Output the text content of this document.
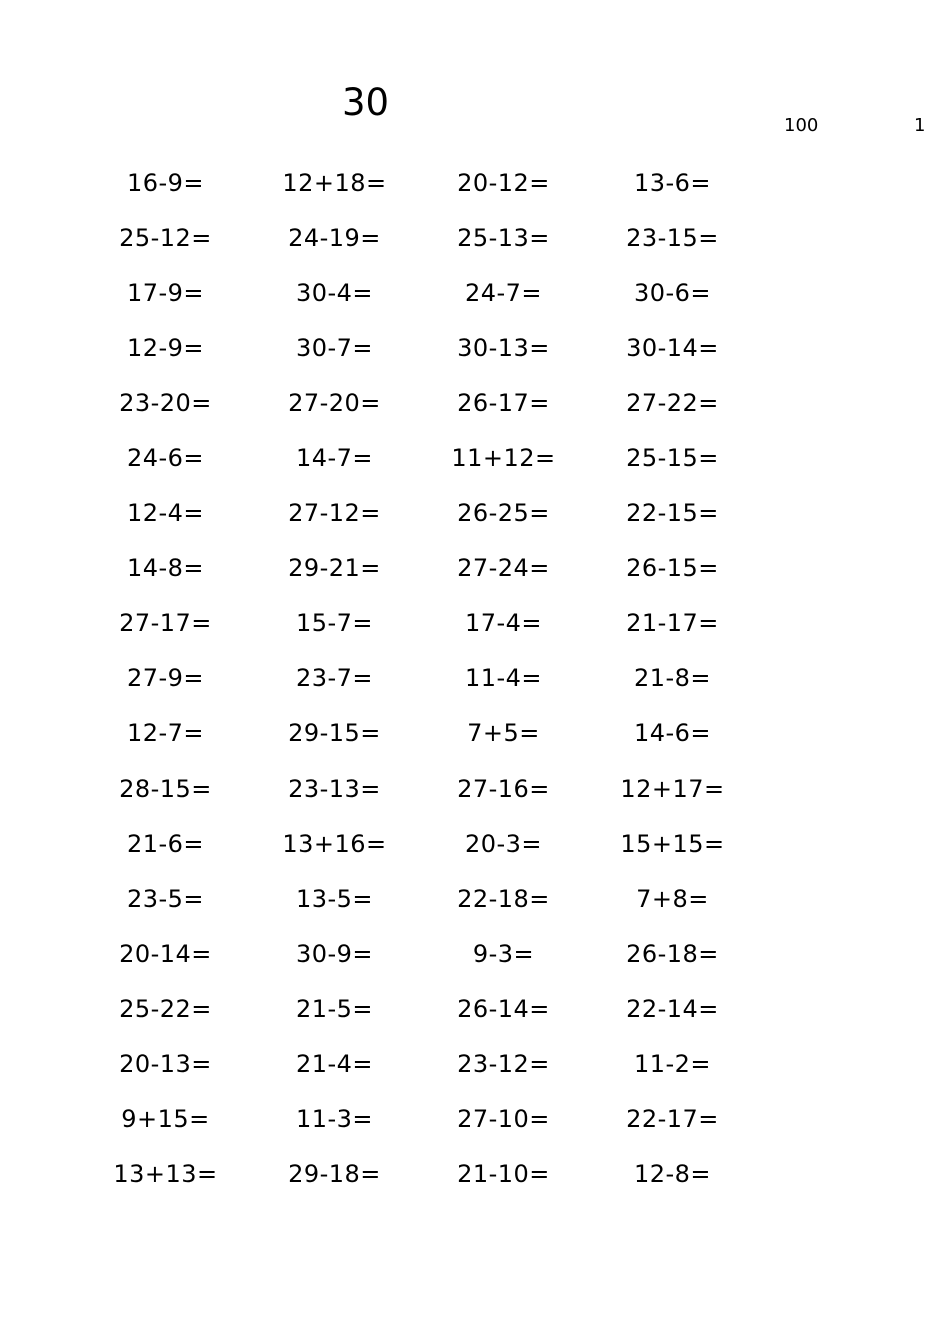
30
100	1
16-9=	12+18=	20-12=	13-6=
25-12=	24-19=	25-13=	23-15=
17-9=	30-4=	24-7=	30-6=
12-9=	30-7=	30-13=	30-14=
23-20=	27-20=	26-17=	27-22=
24-6=	14-7=	11+12=	25-15=
12-4=	27-12=	26-25=	22-15=
14-8=	29-21=	27-24=	26-15=
27-17=	15-7=	17-4=	21-17=
27-9=	23-7=	11-4=	21-8=
12-7=	29-15=	7+5=	14-6=
28-15=	23-13=	27-16=	12+17=
21-6=	13+16=	20-3=	15+15=
23-5=	13-5=	22-18=	7+8=
20-14=	30-9=	9-3=	26-18=
25-22=	21-5=	26-14=	22-14=
20-13=	21-4=	23-12=	11-2=
9+15=	11-3=	27-10=	22-17=
13+13=	29-18=	21-10=	12-8=
